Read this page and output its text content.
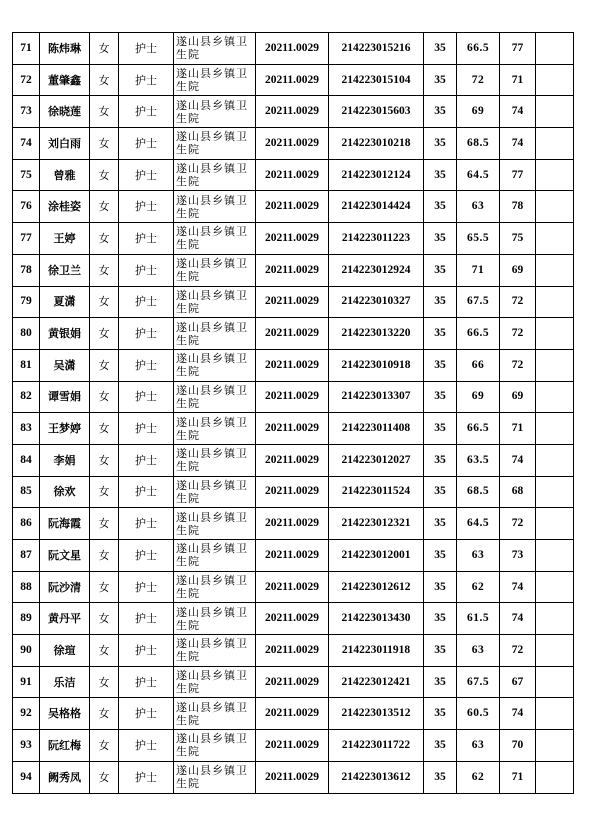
71	陈炜琳	女	护士	遂山县乡镇卫生院	20211.0029	214223015216	35	66.5	77	
72	董肇鑫	女	护士	遂山县乡镇卫生院	20211.0029	214223015104	35	72	71	
73	徐晓莲	女	护士	遂山县乡镇卫生院	20211.0029	214223015603	35	69	74	
74	刘白雨	女	护士	遂山县乡镇卫生院	20211.0029	214223010218	35	68.5	74	
75	曾雅	女	护士	遂山县乡镇卫生院	20211.0029	214223012124	35	64.5	77	
76	涂桂姿	女	护士	遂山县乡镇卫生院	20211.0029	214223014424	35	63	78	
77	王婷	女	护士	遂山县乡镇卫生院	20211.0029	214223011223	35	65.5	75	
78	徐卫兰	女	护士	遂山县乡镇卫生院	20211.0029	214223012924	35	71	69	
79	夏潇	女	护士	遂山县乡镇卫生院	20211.0029	214223010327	35	67.5	72	
80	黄银娟	女	护士	遂山县乡镇卫生院	20211.0029	214223013220	35	66.5	72	
81	吴潇	女	护士	遂山县乡镇卫生院	20211.0029	214223010918	35	66	72	
82	谭雪娟	女	护士	遂山县乡镇卫生院	20211.0029	214223013307	35	69	69	
83	王梦婷	女	护士	遂山县乡镇卫生院	20211.0029	214223011408	35	66.5	71	
84	李娟	女	护士	遂山县乡镇卫生院	20211.0029	214223012027	35	63.5	74	
85	徐欢	女	护士	遂山县乡镇卫生院	20211.0029	214223011524	35	68.5	68	
86	阮海霞	女	护士	遂山县乡镇卫生院	20211.0029	214223012321	35	64.5	72	
87	阮文星	女	护士	遂山县乡镇卫生院	20211.0029	214223012001	35	63	73	
88	阮沙清	女	护士	遂山县乡镇卫生院	20211.0029	214223012612	35	62	74	
89	黄丹平	女	护士	遂山县乡镇卫生院	20211.0029	214223013430	35	61.5	74	
90	徐瑄	女	护士	遂山县乡镇卫生院	20211.0029	214223011918	35	63	72	
91	乐洁	女	护士	遂山县乡镇卫生院	20211.0029	214223012421	35	67.5	67	
92	吴格格	女	护士	遂山县乡镇卫生院	20211.0029	214223013512	35	60.5	74	
93	阮红梅	女	护士	遂山县乡镇卫生院	20211.0029	214223011722	35	63	70	
94	阙秀凤	女	护士	遂山县乡镇卫生院	20211.0029	214223013612	35	62	71	
